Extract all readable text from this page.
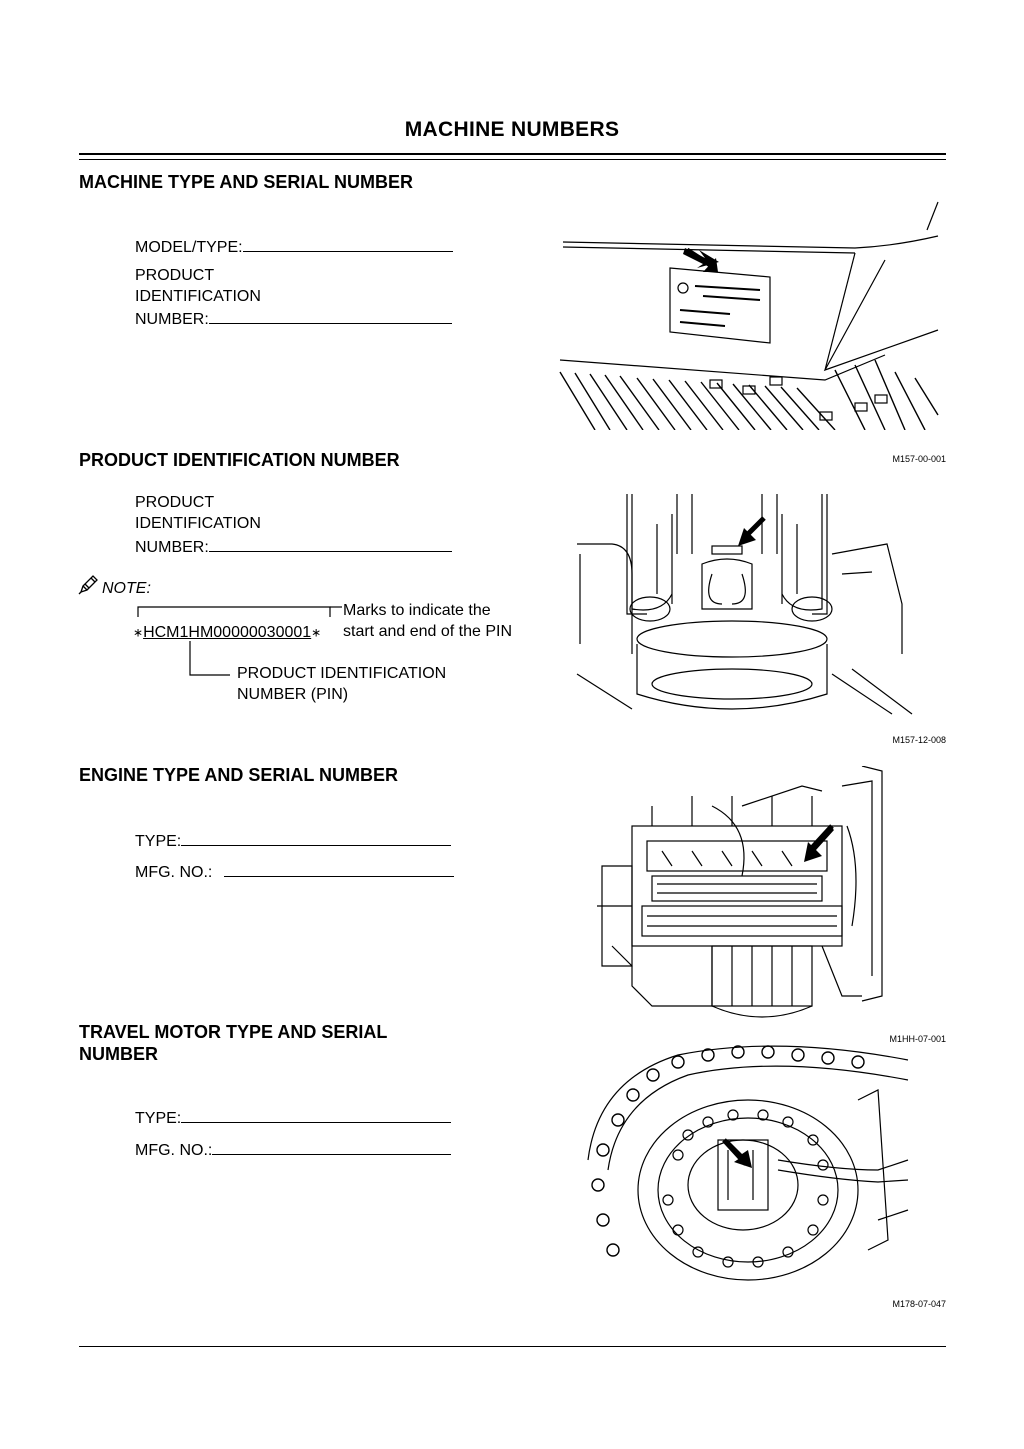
MACHINE NUMBERS
MACHINE TYPE AND SERIAL NUMBER
MODEL/TYPE:
PRODUCT
IDENTIFICATION
NUMBER:
M157-00-001
PRODUCT IDENTIFICATION NUMBER
PRODUCT
IDENTIFICATION
NUMBER:
NOTE:
∗HCM1HM00000030001∗
Marks to indicate the
start and end of the PIN
PRODUCT IDENTIFICATION
NUMBER (PIN)
M157-12-008
ENGINE TYPE AND SERIAL NUMBER
TYPE:
MFG. NO.:
M1HH-07-001
TRAVEL MOTOR TYPE AND SERIAL
NUMBER
TYPE:
MFG. NO.:
M178-07-047
